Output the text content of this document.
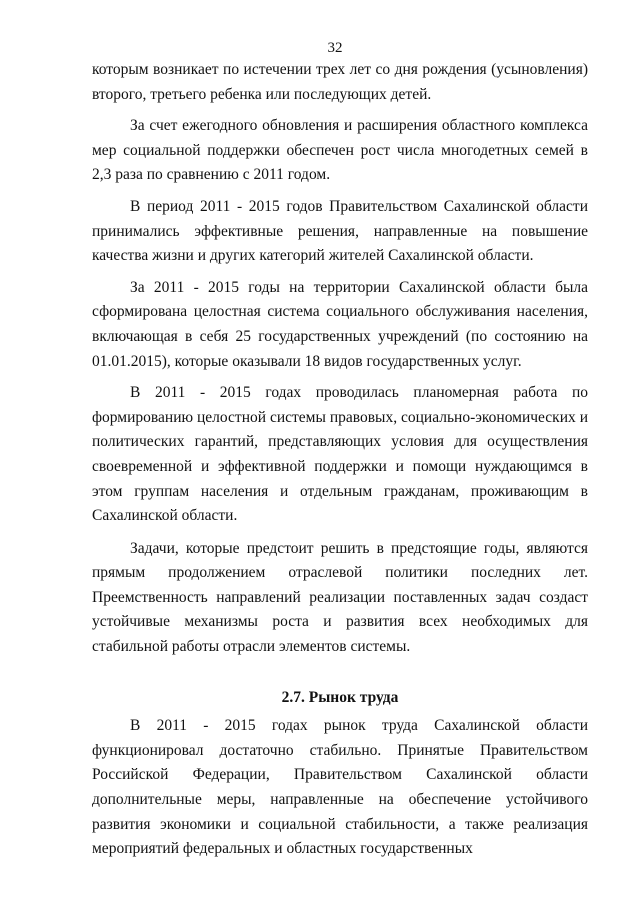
32

которым возникает по истечении трех лет со дня рождения (усыновления) второго, третьего ребенка или последующих детей.

За счет ежегодного обновления и расширения областного комплекса мер социальной поддержки обеспечен рост числа многодетных семей в 2,3 раза по сравнению с 2011 годом.

В период 2011 - 2015 годов Правительством Сахалинской области принимались эффективные решения, направленные на повышение качества жизни и других категорий жителей Сахалинской области.

За 2011 - 2015 годы на территории Сахалинской области была сформирована целостная система социального обслуживания населения, включающая в себя 25 государственных учреждений (по состоянию на 01.01.2015), которые оказывали 18 видов государственных услуг.

В 2011 - 2015 годах проводилась планомерная работа по формированию целостной системы правовых, социально-экономических и политических гарантий, представляющих условия для осуществления своевременной и эффективной поддержки и помощи нуждающимся в этом группам населения и отдельным гражданам, проживающим в Сахалинской области.

Задачи, которые предстоит решить в предстоящие годы, являются прямым продолжением отраслевой политики последних лет. Преемственность направлений реализации поставленных задач создаст устойчивые механизмы роста и развития всех необходимых для стабильной работы отрасли элементов системы.

2.7. Рынок труда

В 2011 - 2015 годах рынок труда Сахалинской области функционировал достаточно стабильно. Принятые Правительством Российской Федерации, Правительством Сахалинской области дополнительные меры, направленные на обеспечение устойчивого развития экономики и социальной стабильности, а также реализация мероприятий федеральных и областных государственных
